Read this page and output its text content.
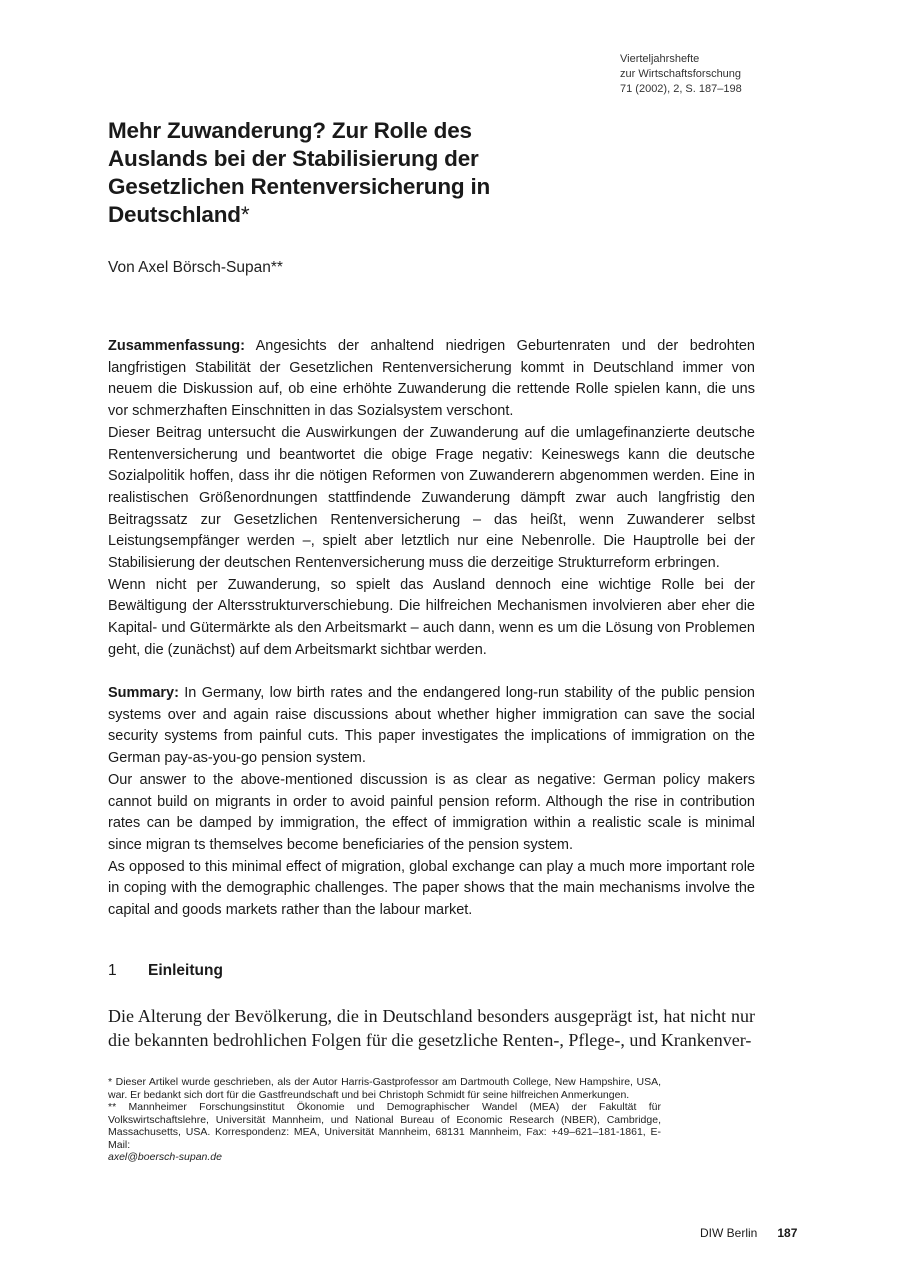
Vierteljahrshefte
zur Wirtschaftsforschung
71 (2002), 2, S. 187–198
Mehr Zuwanderung? Zur Rolle des Auslands bei der Stabilisierung der Gesetzlichen Rentenversicherung in Deutschland*
Von Axel Börsch-Supan**

Zusammenfassung: Angesichts der anhaltend niedrigen Geburtenraten und der bedrohten langfristigen Stabilität der Gesetzlichen Rentenversicherung kommt in Deutschland immer von neuem die Diskussion auf, ob eine erhöhte Zuwanderung die rettende Rolle spielen kann, die uns vor schmerzhaften Einschnitten in das Sozialsystem verschont.

Dieser Beitrag untersucht die Auswirkungen der Zuwanderung auf die umlagefinanzierte deutsche Rentenversicherung und beantwortet die obige Frage negativ: Keineswegs kann die deutsche Sozialpolitik hoffen, dass ihr die nötigen Reformen von Zuwanderern abgenommen werden. Eine in realistischen Größenordnungen stattfindende Zuwanderung dämpft zwar auch langfristig den Beitragssatz zur Gesetzlichen Rentenversicherung – das heißt, wenn Zuwanderer selbst Leistungsempfänger werden –, spielt aber letztlich nur eine Nebenrolle. Die Hauptrolle bei der Stabilisierung der deutschen Rentenversicherung muss die derzeitige Strukturreform erbringen.

Wenn nicht per Zuwanderung, so spielt das Ausland dennoch eine wichtige Rolle bei der Bewältigung der Altersstrukturverschiebung. Die hilfreichen Mechanismen involvieren aber eher die Kapital- und Gütermärkte als den Arbeitsmarkt – auch dann, wenn es um die Lösung von Problemen geht, die (zunächst) auf dem Arbeitsmarkt sichtbar werden.

Summary: In Germany, low birth rates and the endangered long-run stability of the public pension systems over and again raise discussions about whether higher immigration can save the social security systems from painful cuts. This paper investigates the implications of immigration on the German pay-as-you-go pension system.

Our answer to the above-mentioned discussion is as clear as negative: German policy makers cannot build on migrants in order to avoid painful pension reform. Although the rise in contribution rates can be damped by immigration, the effect of immigration within a realistic scale is minimal since migran ts themselves become beneficiaries of the pension system.

As opposed to this minimal effect of migration, global exchange can play a much more important role in coping with the demographic challenges. The paper shows that the main mechanisms involve the capital and goods markets rather than the labour market.

1 Einleitung

Die Alterung der Bevölkerung, die in Deutschland besonders ausgeprägt ist, hat nicht nur die bekannten bedrohlichen Folgen für die gesetzliche Renten-, Pflege-, und Krankenver-

* Dieser Artikel wurde geschrieben, als der Autor Harris-Gastprofessor am Dartmouth College, New Hampshire, USA, war. Er bedankt sich dort für die Gastfreundschaft und bei Christoph Schmidt für seine hilfreichen Anmerkungen.

** Mannheimer Forschungsinstitut Ökonomie und Demographischer Wandel (MEA) der Fakultät für Volkswirtschaftslehre, Universität Mannheim, und National Bureau of Economic Research (NBER), Cambridge, Massachusetts, USA. Korrespondenz: MEA, Universität Mannheim, 68131 Mannheim, Fax: +49–621–181-1861, E-Mail:
axel@boersch-supan.de

DIW Berlin 187
